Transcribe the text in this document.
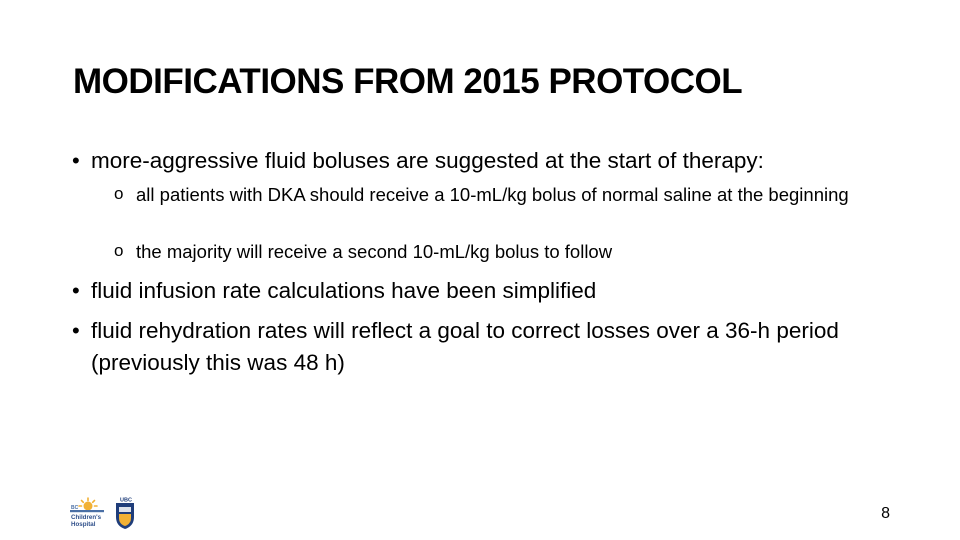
MODIFICATIONS FROM 2015 PROTOCOL
• more-aggressive fluid boluses are suggested at the start of therapy:
o all patients with DKA should receive a 10-mL/kg bolus of normal saline at the beginning
o the majority will receive a second 10-mL/kg bolus to follow
• fluid infusion rate calculations have been simplified
• fluid rehydration rates will reflect a goal to correct losses over a 36-h period (previously this was 48 h)
BC
Children's
Hospital
UBC
8
